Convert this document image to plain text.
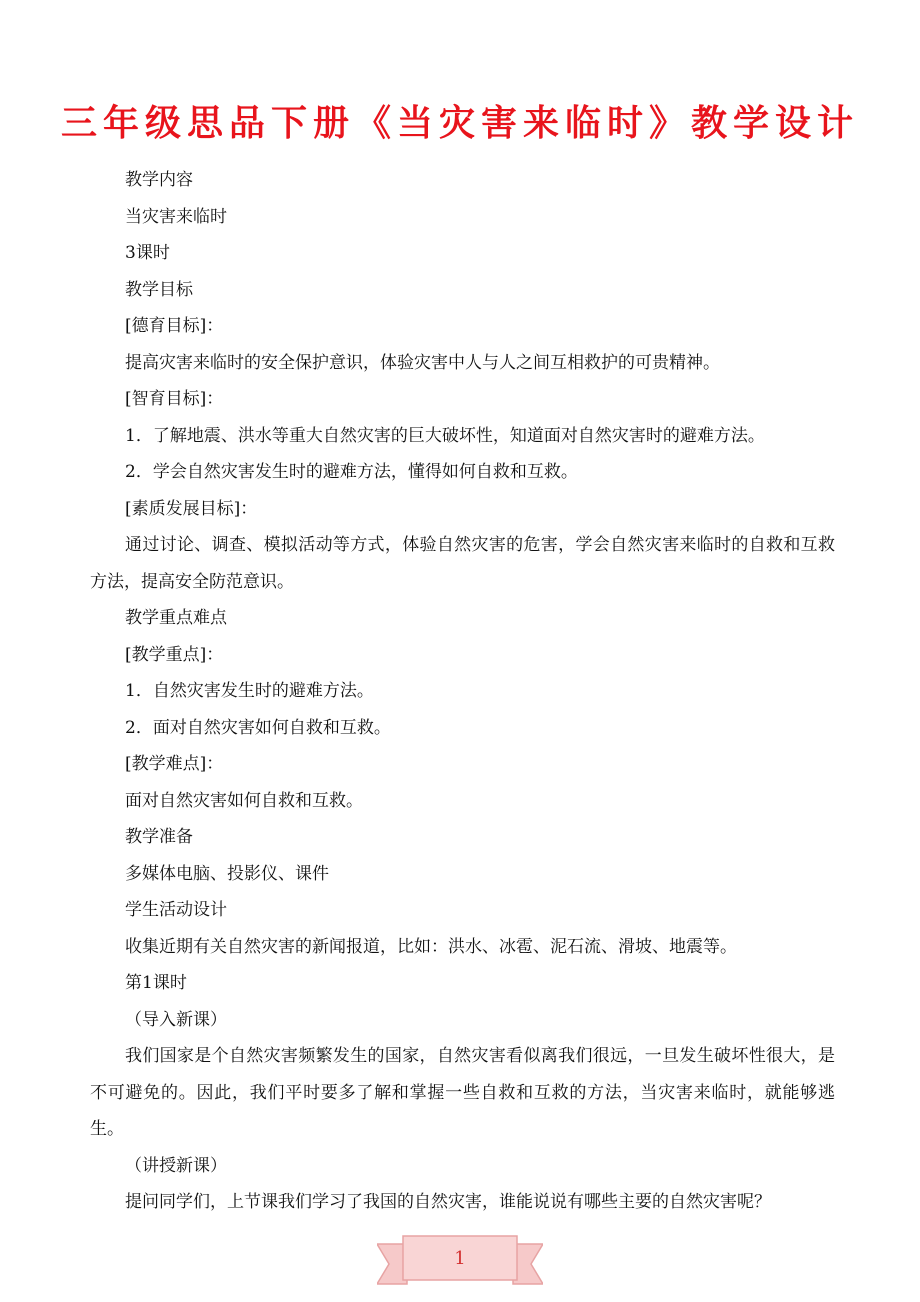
三年级思品下册《当灾害来临时》教学设计

教学内容

当灾害来临时

3课时

教学目标

[德育目标]：

提高灾害来临时的安全保护意识，体验灾害中人与人之间互相救护的可贵精神。

[智育目标]：

1．了解地震、洪水等重大自然灾害的巨大破坏性，知道面对自然灾害时的避难方法。

2．学会自然灾害发生时的避难方法，懂得如何自救和互救。

[素质发展目标]：

通过讨论、调查、模拟活动等方式，体验自然灾害的危害，学会自然灾害来临时的自救和互救方法，提高安全防范意识。

教学重点难点

[教学重点]：

1．自然灾害发生时的避难方法。

2．面对自然灾害如何自救和互救。

[教学难点]：

面对自然灾害如何自救和互救。

教学准备

多媒体电脑、投影仪、课件

学生活动设计

收集近期有关自然灾害的新闻报道，比如：洪水、冰雹、泥石流、滑坡、地震等。

第1课时

（导入新课）

我们国家是个自然灾害频繁发生的国家，自然灾害看似离我们很远，一旦发生破坏性很大，是不可避免的。因此，我们平时要多了解和掌握一些自救和互救的方法，当灾害来临时，就能够逃生。

（讲授新课）

提问同学们，上节课我们学习了我国的自然灾害，谁能说说有哪些主要的自然灾害呢？

1
